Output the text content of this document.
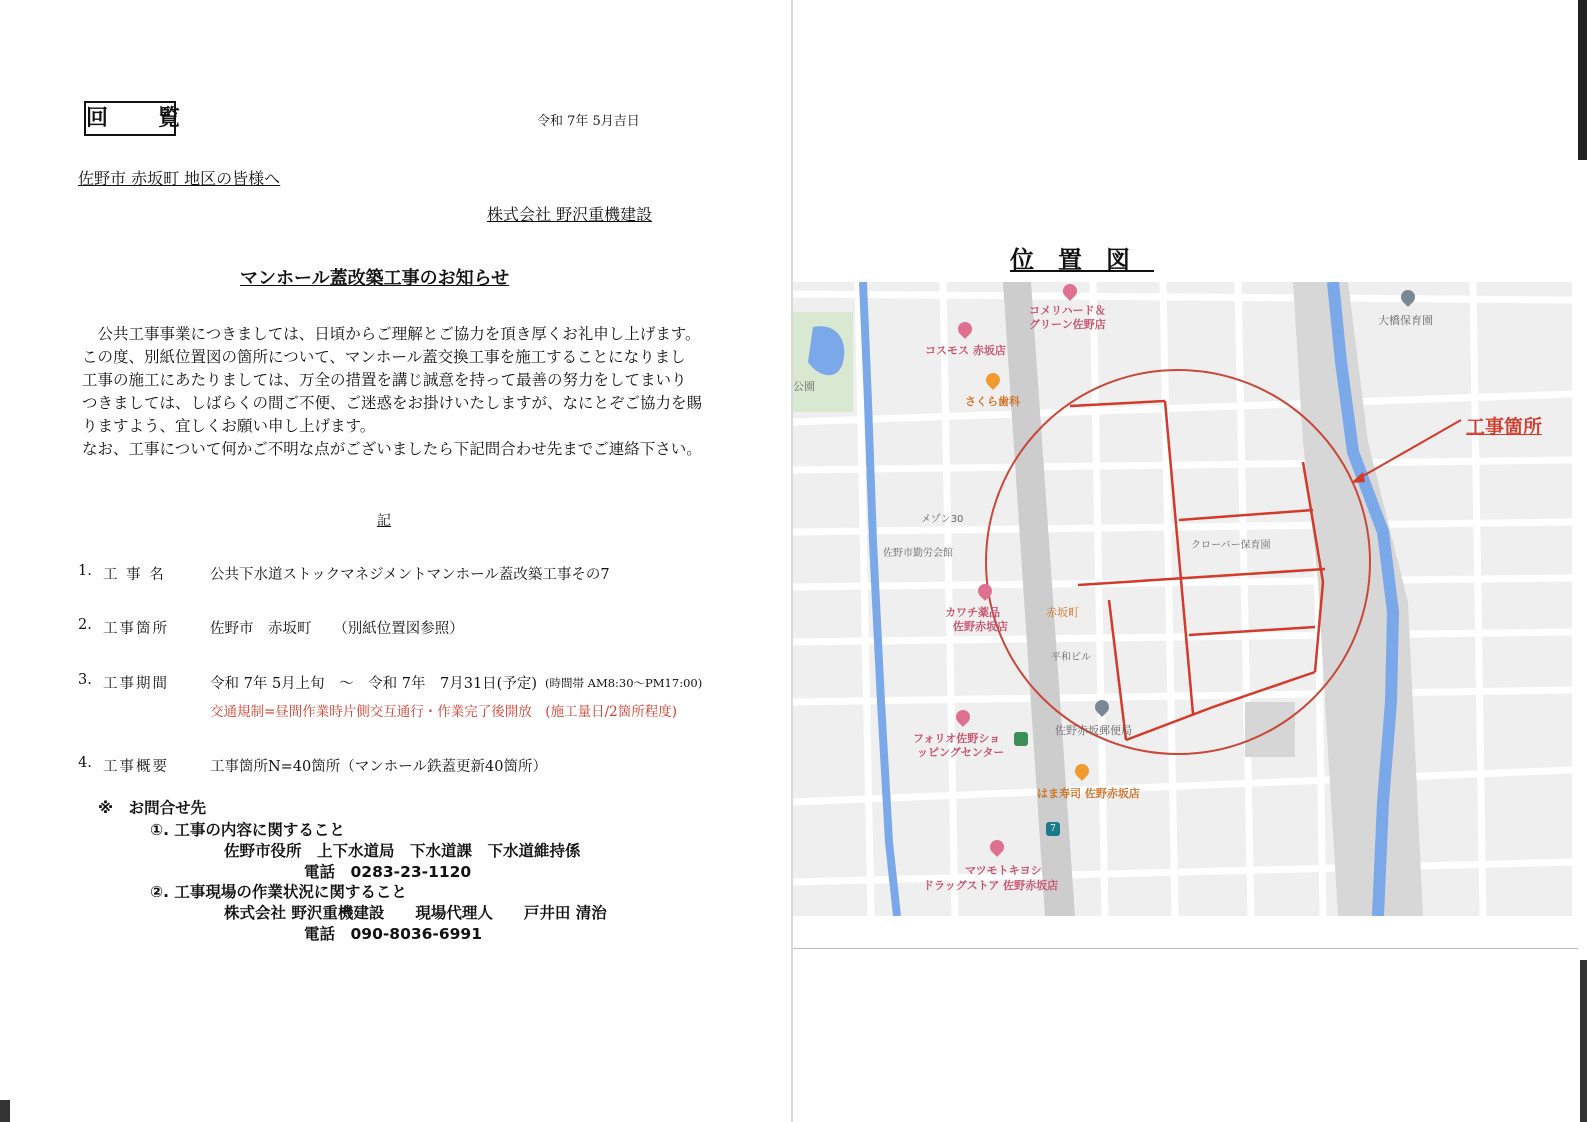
回　覧	令和 7年 5月吉日
佐野市 赤坂町 地区の皆様へ
株式会社 野沢重機建設
マンホール蓋改築工事のお知らせ
　公共工事事業につきましては、日頃からご理解とご協力を頂き厚くお礼申し上げます。
この度、別紙位置図の箇所について、マンホール蓋交換工事を施工することになりまし
工事の施工にあたりましては、万全の措置を講じ誠意を持って最善の努力をしてまいり
つきましては、しばらくの間ご不便、ご迷惑をお掛けいたしますが、なにとぞご協力を賜
りますよう、宜しくお願い申し上げます。
なお、工事について何かご不明な点がございましたら下記問合わせ先までご連絡下さい。
記
1. 工 事 名	公共下水道ストックマネジメントマンホール蓋改築工事その7
2. 工事箇所	佐野市　赤坂町　　（別紙位置図参照）
3. 工事期間	令和 7年 5月上旬　～　令和 7年　7月31日(予定) (時間帯 AM8:30～PM17:00)
交通規制=昼間作業時片側交互通行・作業完了後開放　(施工量日/2箇所程度)
4. 工事概要	工事箇所N=40箇所（マンホール鉄蓋更新40箇所）
※　お問合せ先
①. 工事の内容に関すること
佐野市役所　上下水道局　下水道課　下水道維持係
電話　0283-23-1120
②. 工事現場の作業状況に関すること
株式会社 野沢重機建設　　現場代理人　　戸井田 清治
電話　090-8036-6991
位置図
コメリハード＆
グリーン佐野店
コスモス 赤坂店
さくら歯科
大橋保育園
公園
メゾン30
佐野市勤労会館
カワチ薬品
佐野赤坂店
赤坂町
平和ビル
クローバー保育園
佐野赤坂郵便局
フォリオ佐野ショ
ッピングセンター
はま寿司 佐野赤坂店
7
マツモトキヨシ
ドラッグストア 佐野赤坂店
工事箇所
